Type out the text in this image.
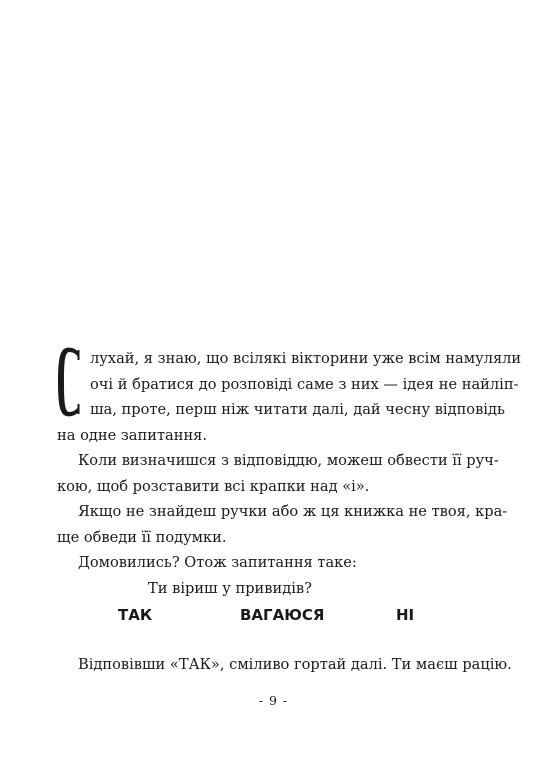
лухай, я знаю, що всілякі вікторини уже всім намуляли
очі й братися до розповіді саме з них — ідея не найліп-
ша, проте, перш ніж читати далі, дай чесну відповідь
на одне запитання.
Коли визначишся з відповіддю, можеш обвести її руч-
кою, щоб розставити всі крапки над «і».
Якщо не знайдеш ручки або ж ця книжка не твоя, кра-
ще обведи її подумки.
Домовились? Отож запитання таке:
Ти віриш у привидів?
ТАК	ВАГАЮСЯ	НІ
Відповівши «ТАК», сміливо гортай далі. Ти маєш рацію.
- 9 -
